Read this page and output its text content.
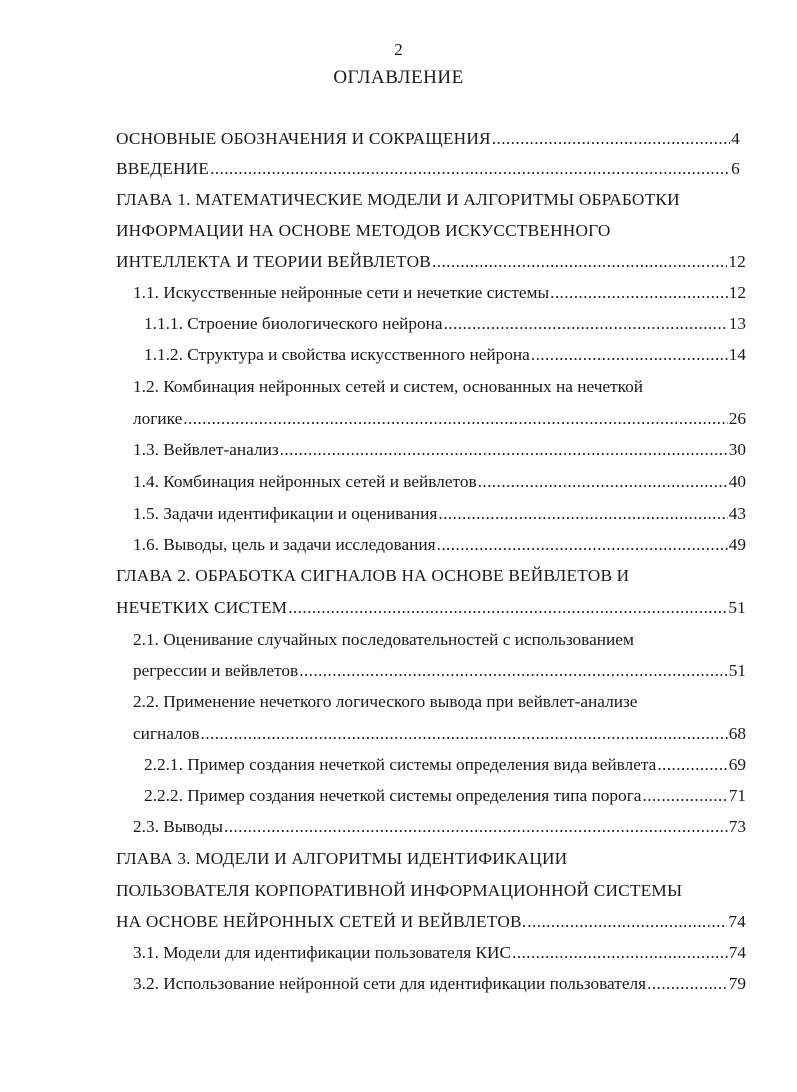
2
ОГЛАВЛЕНИЕ
ОСНОВНЫЕ ОБОЗНАЧЕНИЯ И СОКРАЩЕНИЯ .....	4
ВВЕДЕНИЕ .....	6
ГЛАВА 1. МАТЕМАТИЧЕСКИЕ МОДЕЛИ И АЛГОРИТМЫ ОБРАБОТКИ
ИНФОРМАЦИИ НА ОСНОВЕ МЕТОДОВ ИСКУССТВЕННОГО
ИНТЕЛЛЕКТА И ТЕОРИИ ВЕЙВЛЕТОВ .....	12
1.1. Искусственные нейронные сети и нечеткие системы .....	12
1.1.1. Строение биологического нейрона .....	13
1.1.2. Структура и свойства искусственного нейрона .....	14
1.2. Комбинация нейронных сетей и систем, основанных на нечеткой
логике .....	26
1.3. Вейвлет-анализ .....	30
1.4. Комбинация нейронных сетей и вейвлетов .....	40
1.5. Задачи идентификации и оценивания .....	43
1.6. Выводы, цель и задачи исследования .....	49
ГЛАВА 2. ОБРАБОТКА СИГНАЛОВ НА ОСНОВЕ ВЕЙВЛЕТОВ И
НЕЧЕТКИХ СИСТЕМ .....	51
2.1. Оценивание случайных последовательностей с использованием
регрессии и вейвлетов .....	51
2.2. Применение нечеткого логического вывода при вейвлет-анализе
сигналов .....	68
2.2.1. Пример создания нечеткой системы определения вида вейвлета .....	69
2.2.2. Пример создания нечеткой системы определения типа порога .....	71
2.3. Выводы .....	73
ГЛАВА 3. МОДЕЛИ И АЛГОРИТМЫ ИДЕНТИФИКАЦИИ
ПОЛЬЗОВАТЕЛЯ КОРПОРАТИВНОЙ ИНФОРМАЦИОННОЙ СИСТЕМЫ
НА ОСНОВЕ НЕЙРОННЫХ СЕТЕЙ И ВЕЙВЛЕТОВ. .....	74
3.1. Модели для идентификации пользователя КИС .....	74
3.2. Использование нейронной сети для идентификации пользователя .....	79
